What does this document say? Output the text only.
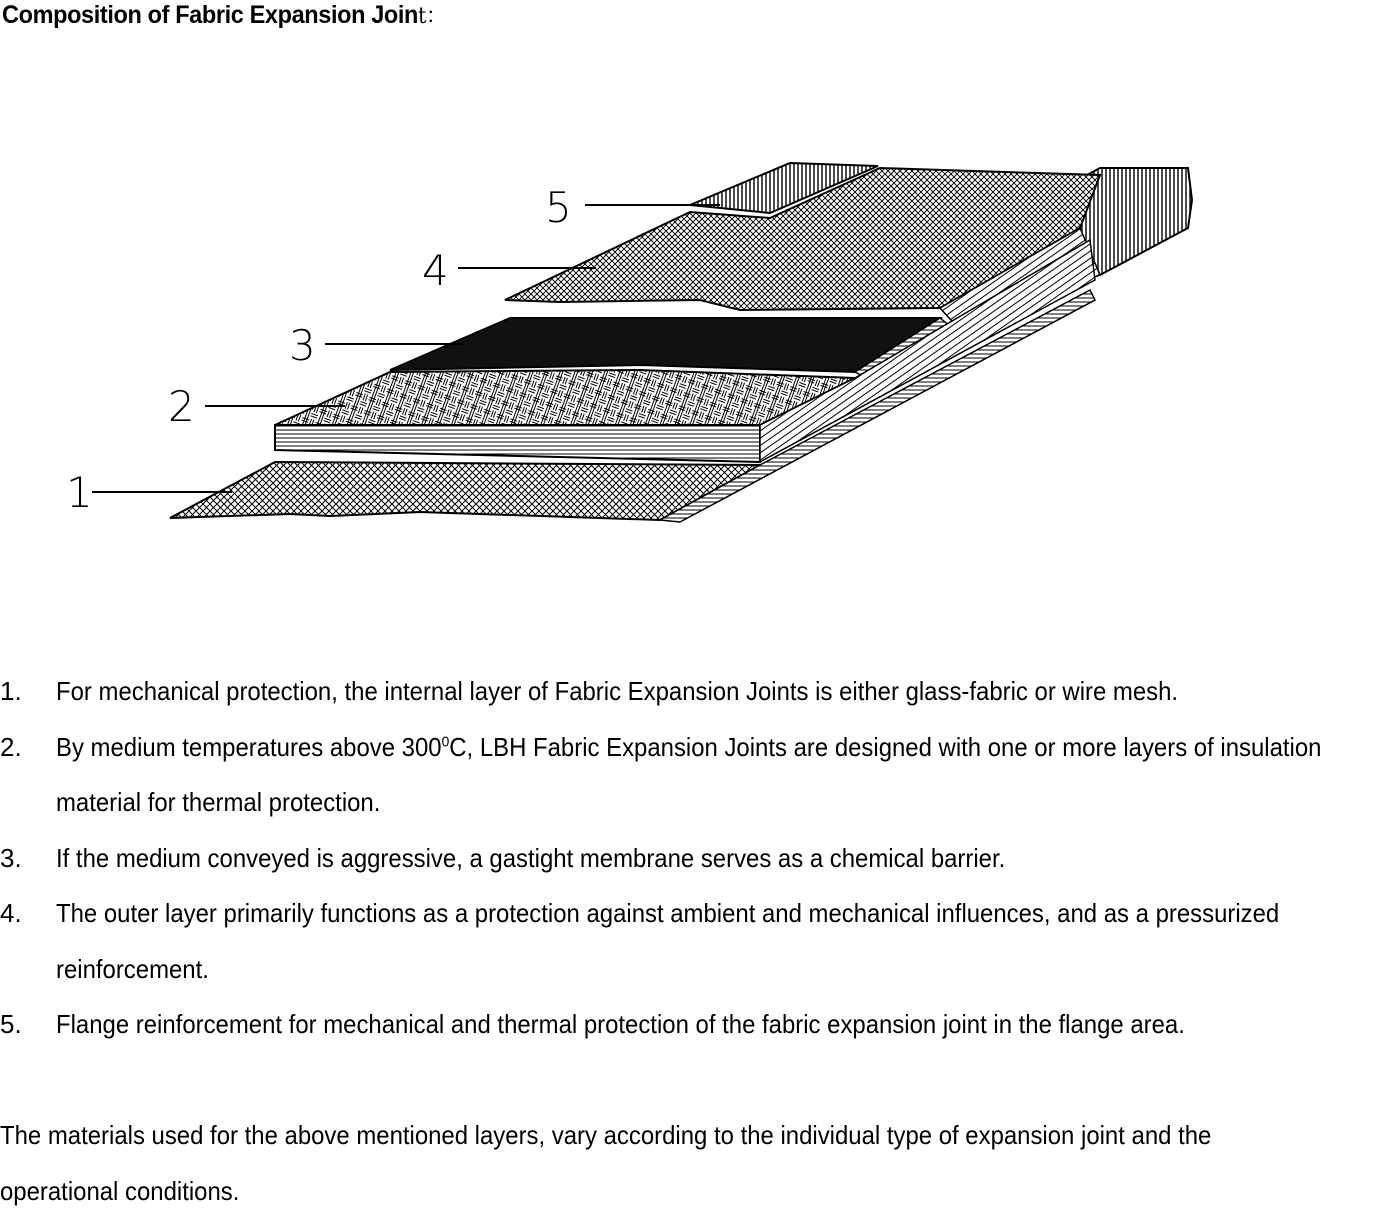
Composition of Fabric Expansion Joint：
1
2
3
4
5
1. For mechanical protection, the internal layer of Fabric Expansion Joints is either glass-fabric or wire mesh.
2. By medium temperatures above $300^0C$, LBH Fabric Expansion Joints are designed with one or more layers of insulation material for thermal protection.
3. If the medium conveyed is aggressive, a gastight membrane serves as a chemical barrier.
4. The outer layer primarily functions as a protection against ambient and mechanical influences, and as a pressurized reinforcement.
5. Flange reinforcement for mechanical and thermal protection of the fabric expansion joint in the flange area.
The materials used for the above mentioned layers, vary according to the individual type of expansion joint and the operational conditions.
